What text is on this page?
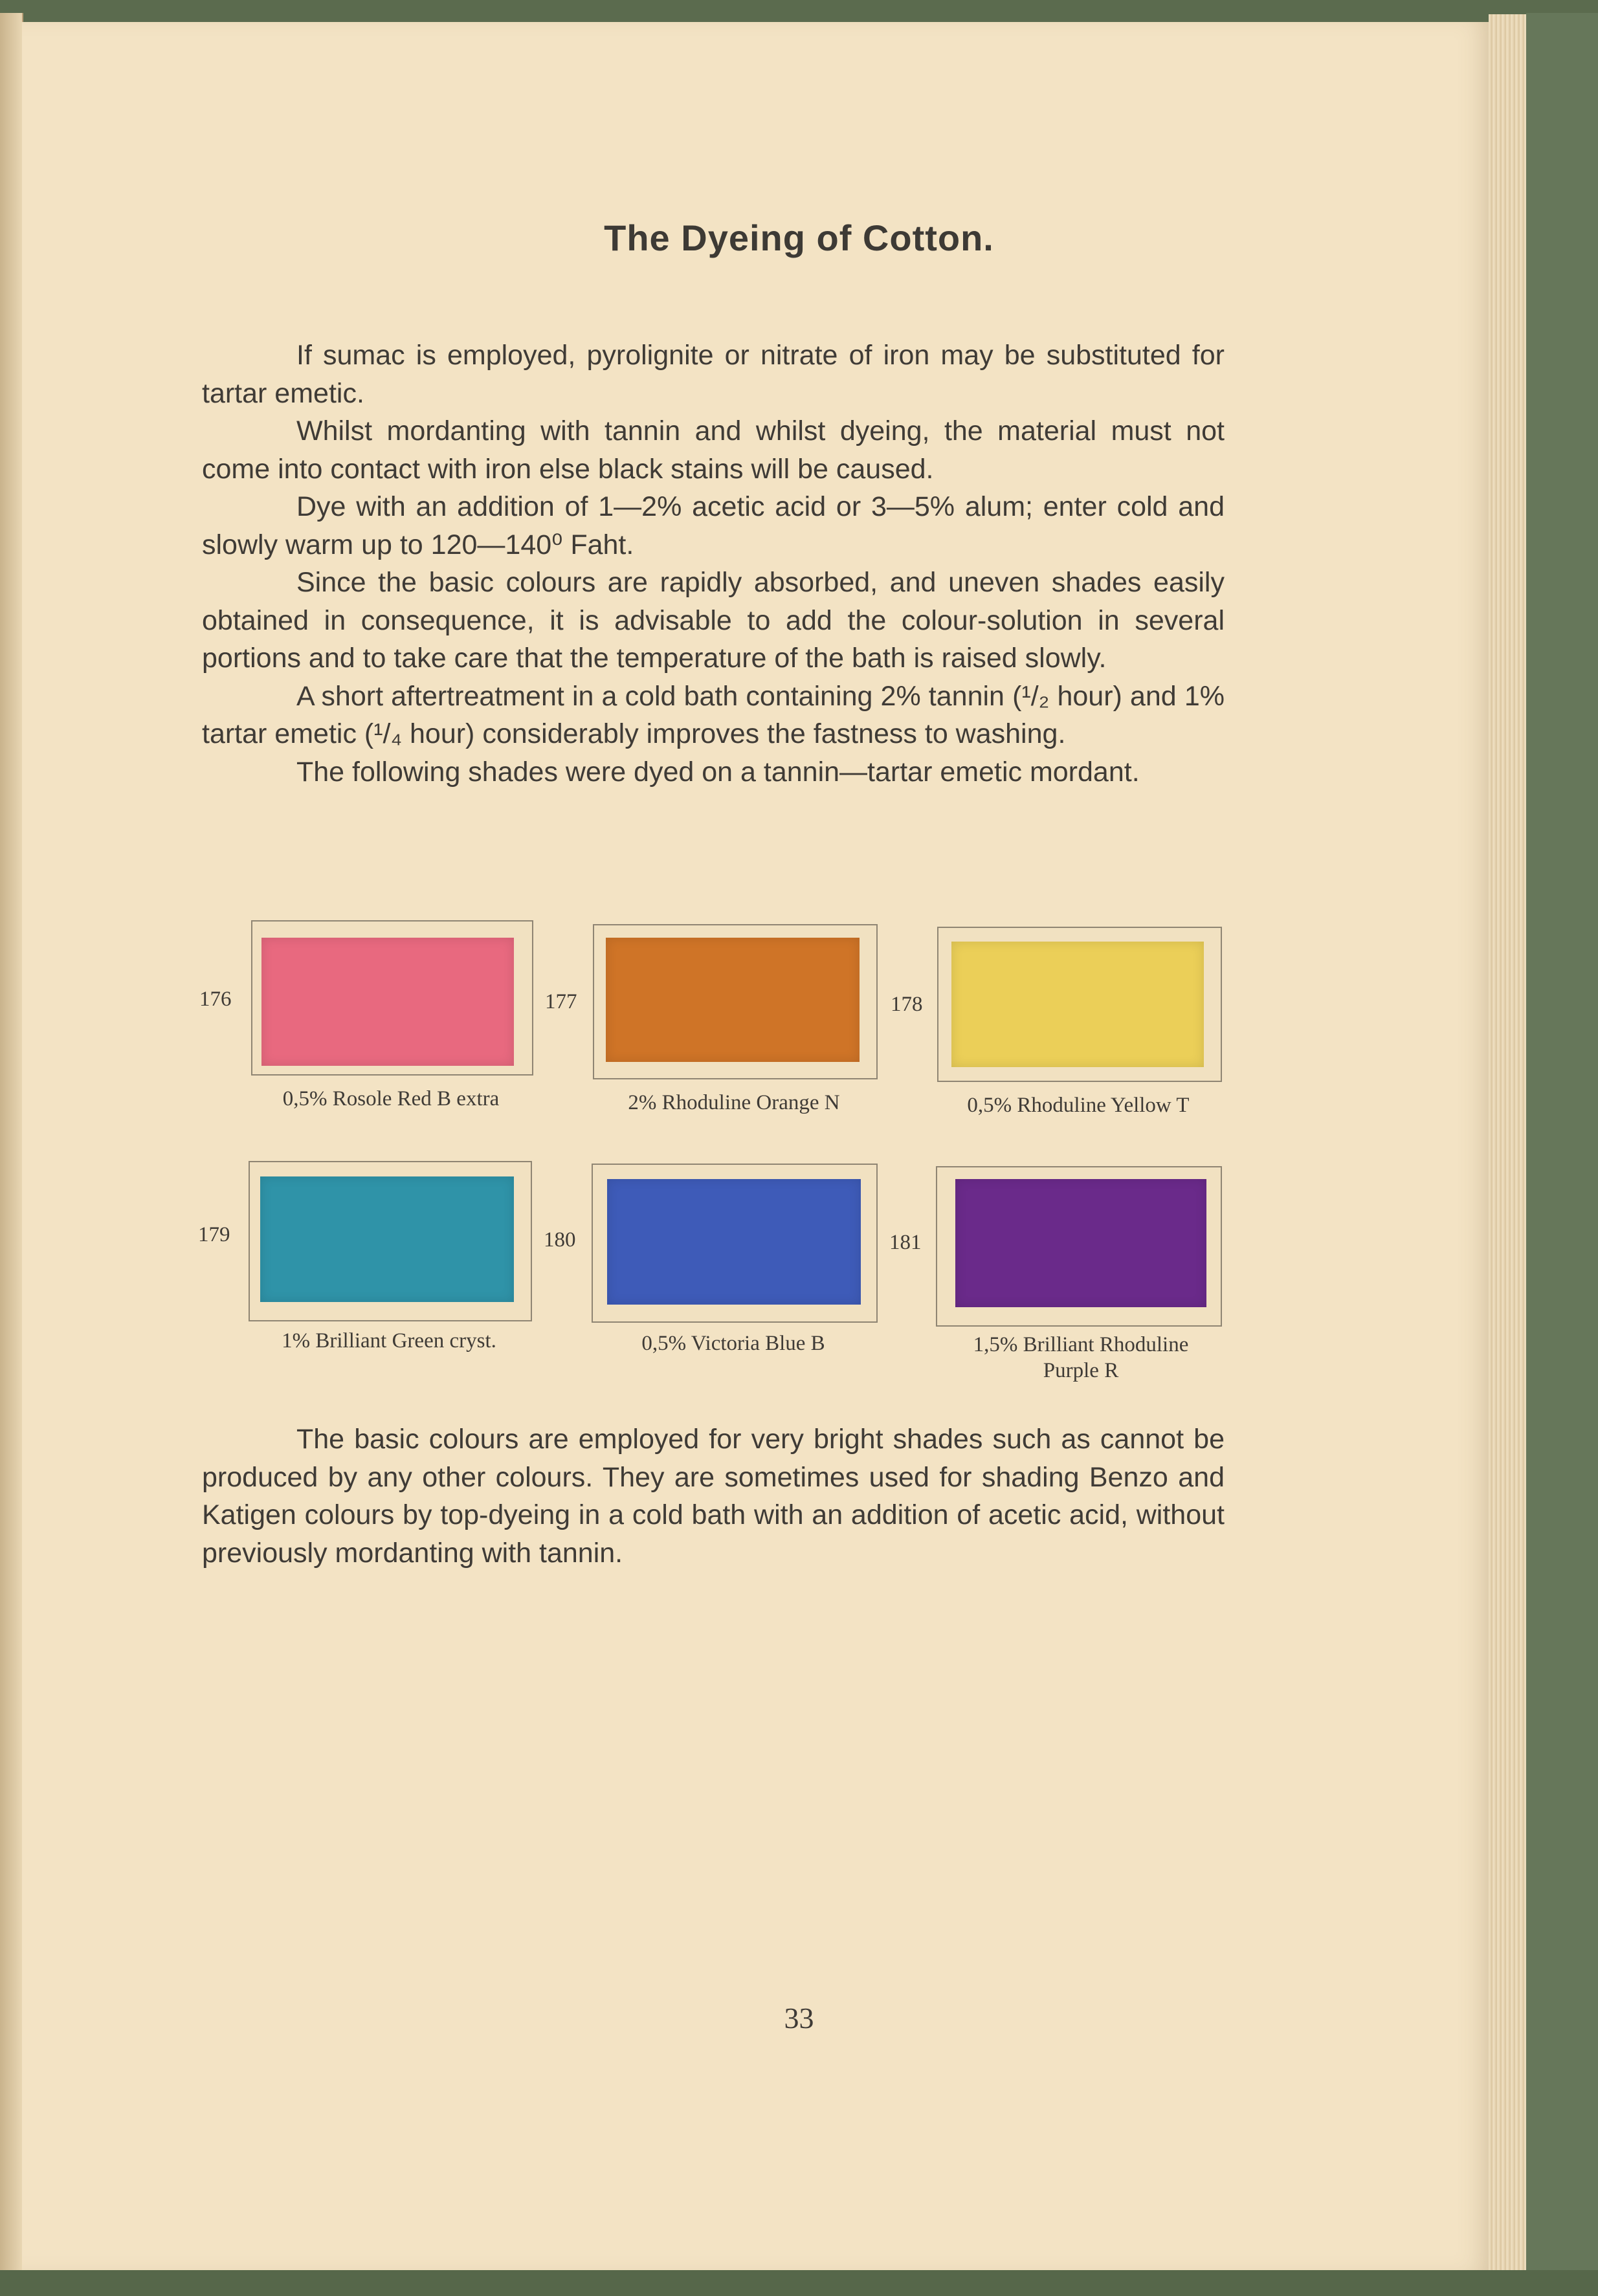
The Dyeing of Cotton.

If sumac is employed, pyrolignite or nitrate of iron may be substituted for tartar emetic.

Whilst mordanting with tannin and whilst dyeing, the material must not come into contact with iron else black stains will be caused.

Dye with an addition of 1—2% acetic acid or 3—5% alum; enter cold and slowly warm up to 120—140⁰ Faht.

Since the basic colours are rapidly absorbed, and uneven shades easily obtained in consequence, it is advisable to add the colour-solution in several portions and to take care that the temperature of the bath is raised slowly.

A short aftertreatment in a cold bath containing 2% tannin (¹/₂ hour) and 1% tartar emetic (¹/₄ hour) considerably improves the fastness to washing.

The following shades were dyed on a tannin—tartar emetic mordant.

176
0,5% Rosole Red B extra
177
2% Rhoduline Orange N
178
0,5% Rhoduline Yellow T
179
1% Brilliant Green cryst.
180
0,5% Victoria Blue B
181
1,5% Brilliant Rhoduline
Purple R

The basic colours are employed for very bright shades such as cannot be produced by any other colours. They are sometimes used for shading Benzo and Katigen colours by top-dyeing in a cold bath with an addition of acetic acid, without previously mordanting with tannin.

33
